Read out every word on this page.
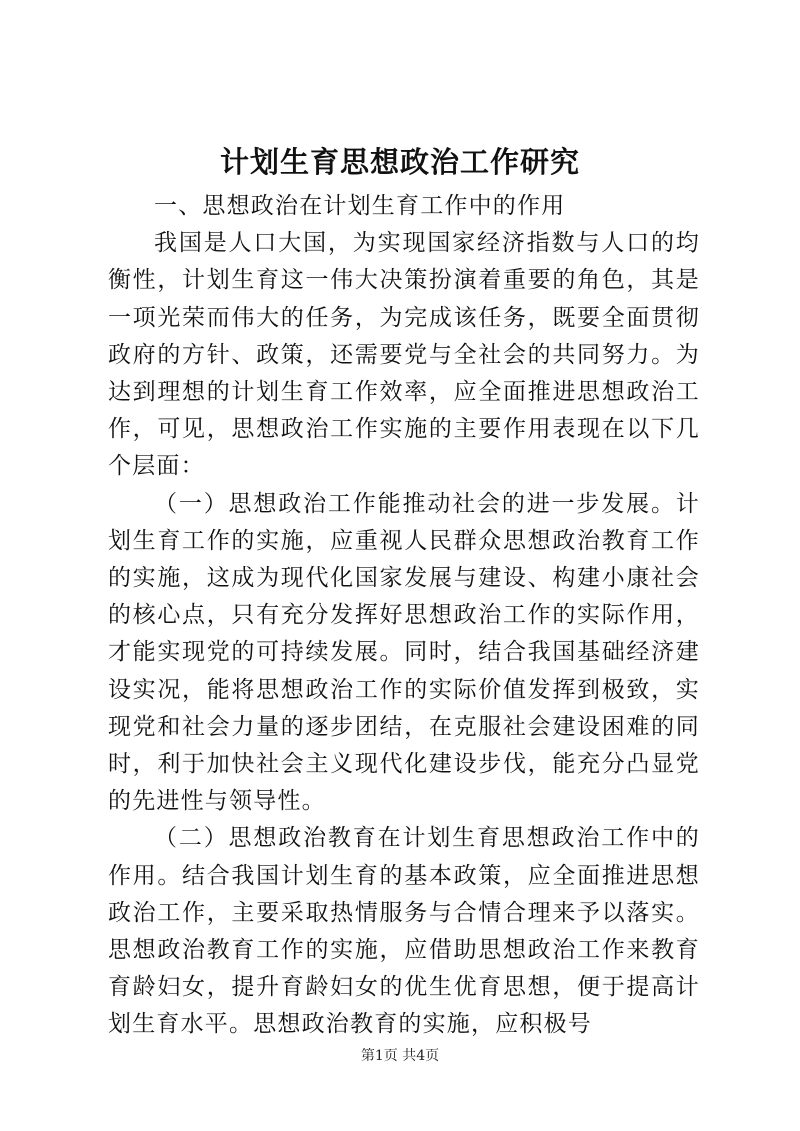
计划生育思想政治工作研究

一、思想政治在计划生育工作中的作用

我国是人口大国，为实现国家经济指数与人口的均衡性，计划生育这一伟大决策扮演着重要的角色，其是一项光荣而伟大的任务，为完成该任务，既要全面贯彻政府的方针、政策，还需要党与全社会的共同努力。为达到理想的计划生育工作效率，应全面推进思想政治工作，可见，思想政治工作实施的主要作用表现在以下几个层面：

（一）思想政治工作能推动社会的进一步发展。计划生育工作的实施，应重视人民群众思想政治教育工作的实施，这成为现代化国家发展与建设、构建小康社会的核心点，只有充分发挥好思想政治工作的实际作用，才能实现党的可持续发展。同时，结合我国基础经济建设实况，能将思想政治工作的实际价值发挥到极致，实现党和社会力量的逐步团结，在克服社会建设困难的同时，利于加快社会主义现代化建设步伐，能充分凸显党的先进性与领导性。

（二）思想政治教育在计划生育思想政治工作中的作用。结合我国计划生育的基本政策，应全面推进思想政治工作，主要采取热情服务与合情合理来予以落实。思想政治教育工作的实施，应借助思想政治工作来教育育龄妇女，提升育龄妇女的优生优育思想，便于提高计划生育水平。思想政治教育的实施，应积极号

第1页 共4页
